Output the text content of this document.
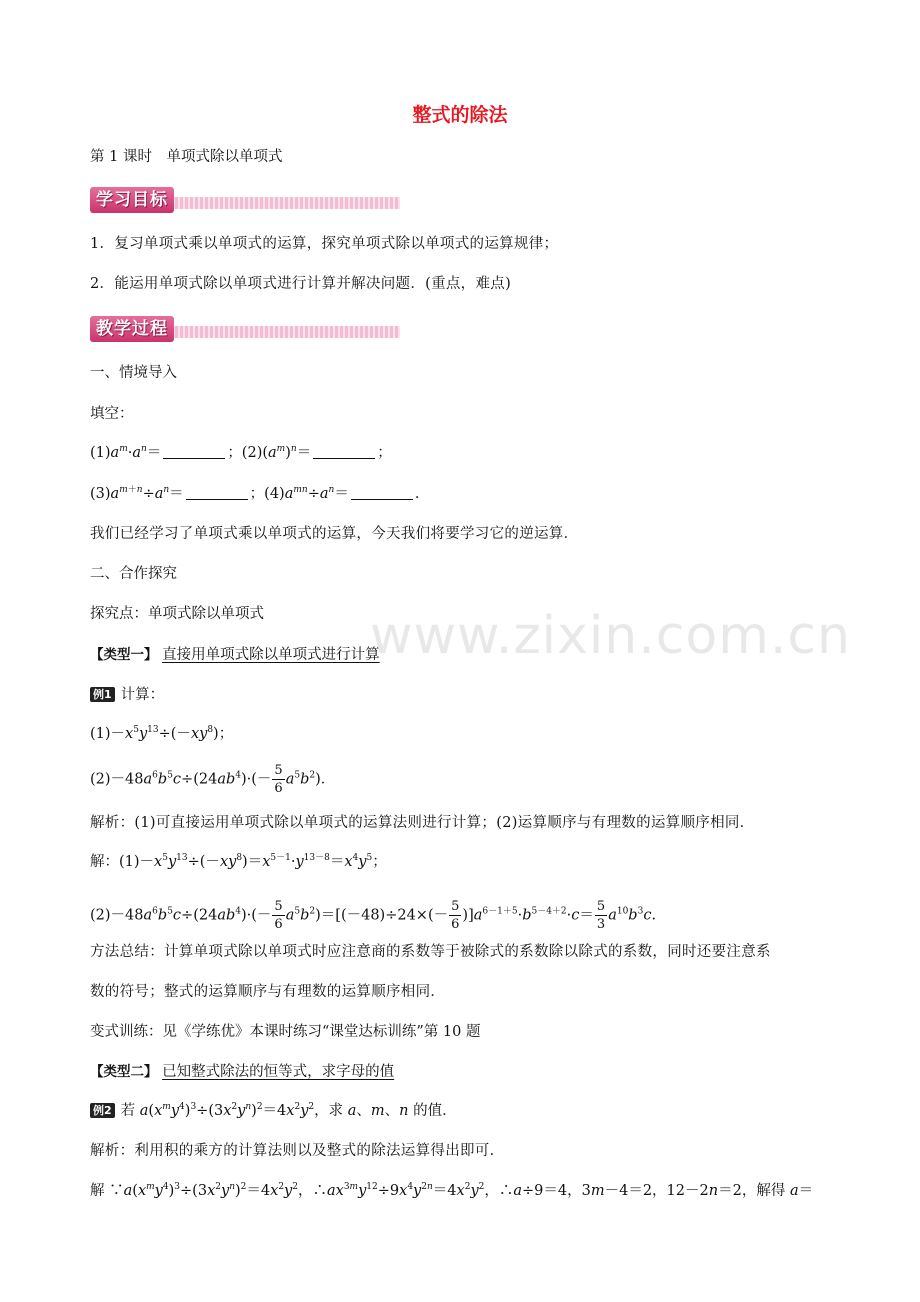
整式的除法
第 1 课时　单项式除以单项式
学习目标
1．复习单项式乘以单项式的运算，探究单项式除以单项式的运算规律；
2．能运用单项式除以单项式进行计算并解决问题．(重点，难点)
教学过程
一、情境导入
填空：
$(1)a^m\cdot a^n=$	；$(2)(a^m)^n=$	；
$(3)a^{m+n}\div a^n=$	；$(4)a^{mn}\div a^n=$	．
我们已经学习了单项式乘以单项式的运算，今天我们将要学习它的逆运算．
二、合作探究
探究点：单项式除以单项式
【类型一】 直接用单项式除以单项式进行计算
例1 计算：
$(1)-x^5y^{13}\div(-xy^8)$；
$(2)-48a^6b^5c\div(24ab^4)\cdot(- \frac{5}{6} a^5b^2)$．
解析：(1)可直接运用单项式除以单项式的运算法则进行计算；(2)运算顺序与有理数的运算顺序相同．
解：$(1)-x^5y^{13}\div(-xy^8)=x^{5-1}\cdot y^{13-8}=x^4y^5$；
$(2)-48a^6b^5c\div(24ab^4)\cdot(- \frac{5}{6} a^5b^2)=[(-48)\div 24\times(- \frac{5}{6} )]a^{6-1+5}\cdot b^{5-4+2}\cdot c= \frac{5}{3} a^{10}b^3c$.
方法总结：计算单项式除以单项式时应注意商的系数等于被除式的系数除以除式的系数，同时还要注意系
数的符号；整式的运算顺序与有理数的运算顺序相同．
变式训练：见《学练优》本课时练习“课堂达标训练”第 10 题
【类型二】 已知整式除法的恒等式，求字母的值
例2 若 $a(x^my^4)^3\div(3x^2y^n)^2=4x^2y^2$，求 a、m、n 的值．
解析：利用积的乘方的计算法则以及整式的除法运算得出即可．
解 $\because a(x^my^4)^3\div(3x^2y^n)^2=4x^2y^2$，$\therefore ax^{3m}y^{12}\div 9x^4y^{2n}=4x^2y^2$，∴a÷9＝4，3m－4＝2，12－2n＝2，解得 a＝
www.zixin.com.cn
